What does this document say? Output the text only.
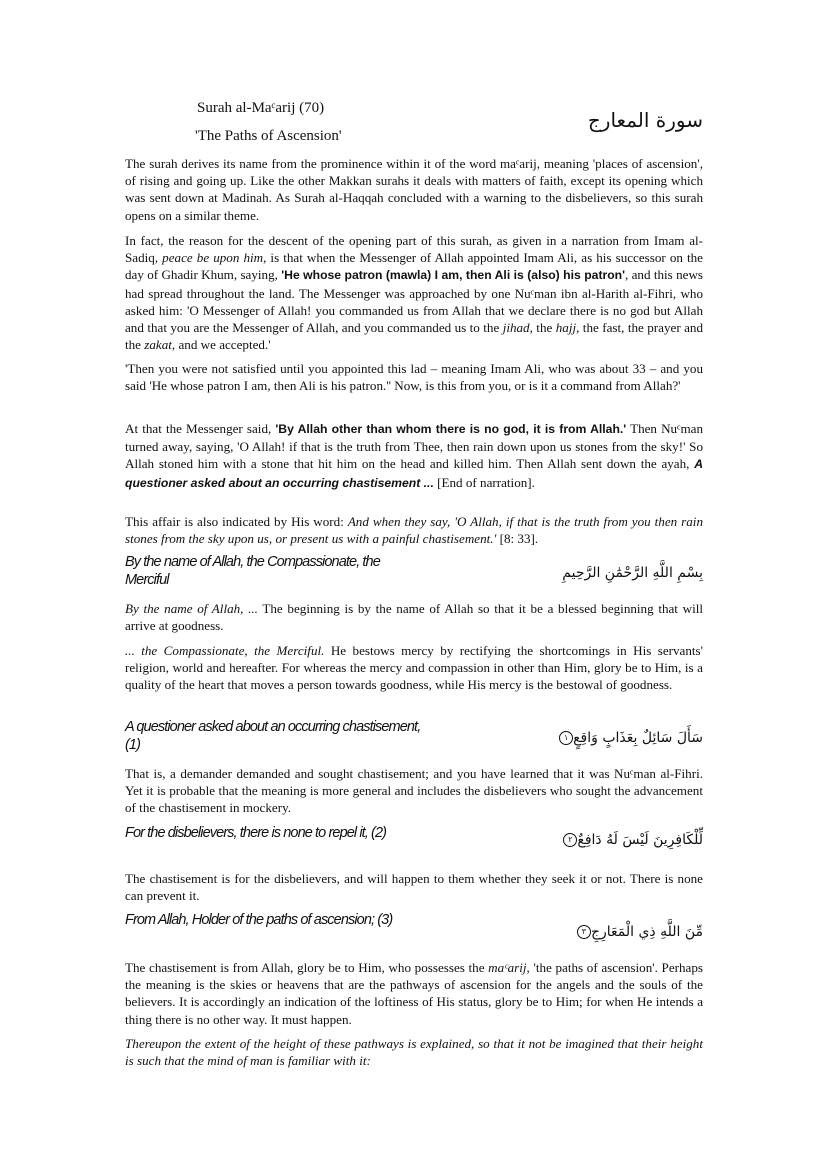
Surah al-Maᶜarij (70)
'The Paths of Ascension'
سورة المعارج

The surah derives its name from the prominence within it of the word maᶜarij, meaning 'places of ascension', of rising and going up. Like the other Makkan surahs it deals with matters of faith, except its opening which was sent down at Madinah. As Surah al-Haqqah concluded with a warning to the disbelievers, so this surah opens on a similar theme.

In fact, the reason for the descent of the opening part of this surah, as given in a narration from Imam al-Sadiq, peace be upon him, is that when the Messenger of Allah appointed Imam Ali, as his successor on the day of Ghadir Khum, saying, 'He whose patron (mawla) I am, then Ali is (also) his patron', and this news had spread throughout the land. The Messenger was approached by one Nuᶜman ibn al-Harith al-Fihri, who asked him: 'O Messenger of Allah! you commanded us from Allah that we declare there is no god but Allah and that you are the Messenger of Allah, and you commanded us to the jihad, the hajj, the fast, the prayer and the zakat, and we accepted.'

'Then you were not satisfied until you appointed this lad – meaning Imam Ali, who was about 33 – and you said 'He whose patron I am, then Ali is his patron.'' Now, is this from you, or is it a command from Allah?'

At that the Messenger said, 'By Allah other than whom there is no god, it is from Allah.' Then Nuᶜman turned away, saying, 'O Allah! if that is the truth from Thee, then rain down upon us stones from the sky!' So Allah stoned him with a stone that hit him on the head and killed him. Then Allah sent down the ayah, A questioner asked about an occurring chastisement ... [End of narration].

This affair is also indicated by His word: And when they say, 'O Allah, if that is the truth from you then rain stones from the sky upon us, or present us with a painful chastisement.' [8: 33].

By the name of Allah, the Compassionate, the Merciful	بِسْمِ اللَّهِ الرَّحْمَٰنِ الرَّحِيمِ

By the name of Allah, ... The beginning is by the name of Allah so that it be a blessed beginning that will arrive at goodness.

... the Compassionate, the Merciful. He bestows mercy by rectifying the shortcomings in His servants' religion, world and hereafter. For whereas the mercy and compassion in other than Him, glory be to Him, is a quality of the heart that moves a person towards goodness, while His mercy is the bestowal of goodness.

A questioner asked about an occurring chastisement, (1)	سَأَلَ سَائِلٌ بِعَذَابٍ وَاقِعٍ١

That is, a demander demanded and sought chastisement; and you have learned that it was Nuᶜman al-Fihri. Yet it is probable that the meaning is more general and includes the disbelievers who sought the advancement of the chastisement in mockery.

For the disbelievers, there is none to repel it, (2)	لِّلْكَافِرِينَ لَيْسَ لَهُ دَافِعٌ٢

The chastisement is for the disbelievers, and will happen to them whether they seek it or not. There is none can prevent it.

From Allah, Holder of the paths of ascension; (3)
مِّنَ اللَّهِ ذِي الْمَعَارِجِ٣

The chastisement is from Allah, glory be to Him, who possesses the maᶜarij, 'the paths of ascension'. Perhaps the meaning is the skies or heavens that are the pathways of ascension for the angels and the souls of the believers. It is accordingly an indication of the loftiness of His status, glory be to Him; for when He intends a thing there is no other way. It must happen.

Thereupon the extent of the height of these pathways is explained, so that it not be imagined that their height is such that the mind of man is familiar with it:
